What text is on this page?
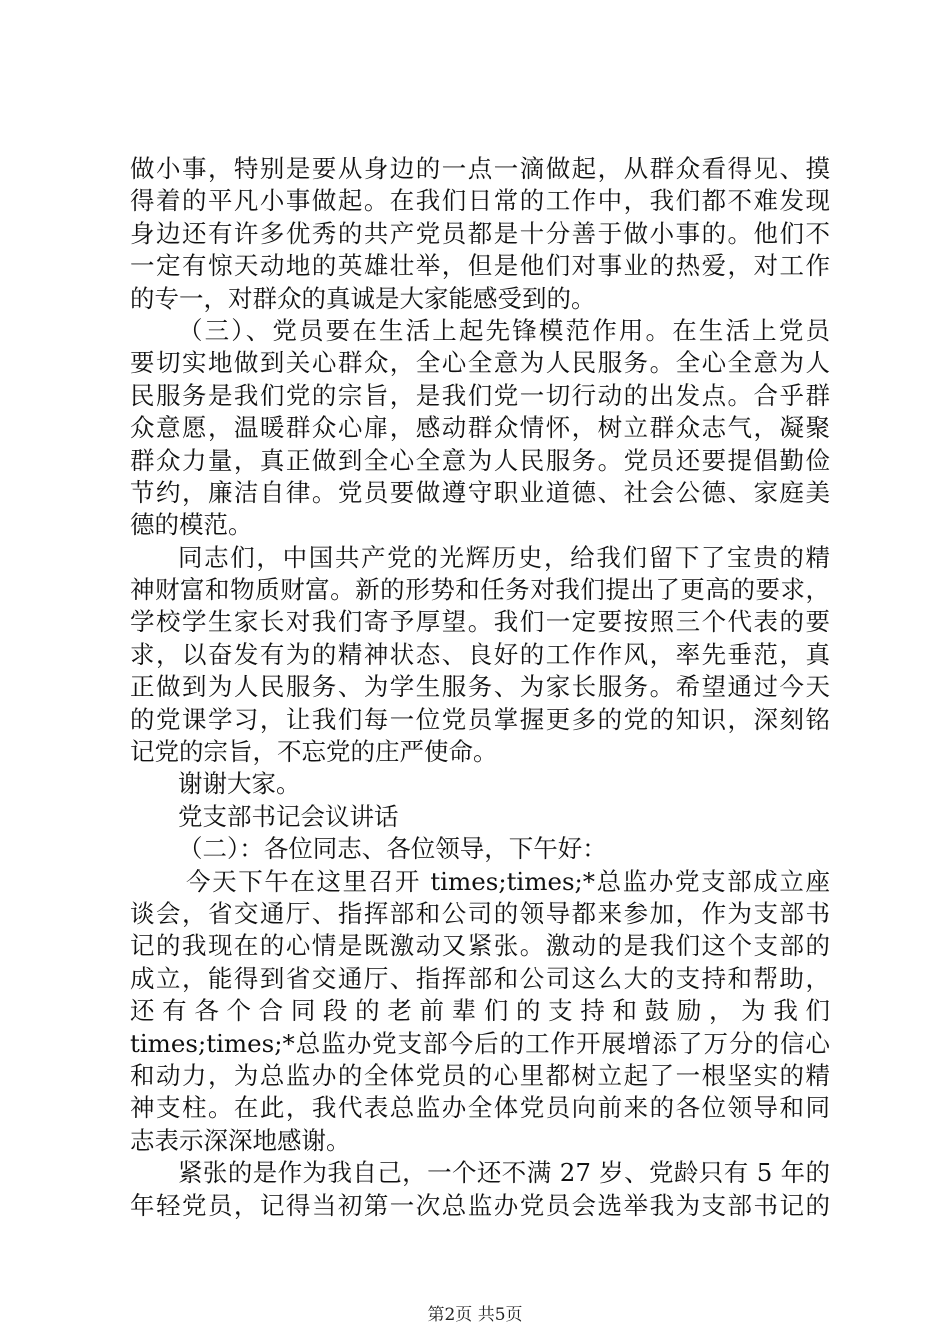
做小事，特别是要从身边的一点一滴做起，从群众看得见、摸
得着的平凡小事做起。在我们日常的工作中，我们都不难发现
身边还有许多优秀的共产党员都是十分善于做小事的。他们不
一定有惊天动地的英雄壮举，但是他们对事业的热爱，对工作
的专一，对群众的真诚是大家能感受到的。
（三）、党员要在生活上起先锋模范作用。在生活上党员
要切实地做到关心群众，全心全意为人民服务。全心全意为人
民服务是我们党的宗旨，是我们党一切行动的出发点。合乎群
众意愿，温暖群众心扉，感动群众情怀，树立群众志气，凝聚
群众力量，真正做到全心全意为人民服务。党员还要提倡勤俭
节约，廉洁自律。党员要做遵守职业道德、社会公德、家庭美
德的模范。
同志们，中国共产党的光辉历史，给我们留下了宝贵的精
神财富和物质财富。新的形势和任务对我们提出了更高的要求，
学校学生家长对我们寄予厚望。我们一定要按照三个代表的要
求，以奋发有为的精神状态、良好的工作作风，率先垂范，真
正做到为人民服务、为学生服务、为家长服务。希望通过今天
的党课学习，让我们每一位党员掌握更多的党的知识，深刻铭
记党的宗旨，不忘党的庄严使命。
谢谢大家。
党支部书记会议讲话
（二）：各位同志、各位领导，下午好：
今天下午在这里召开 times;times;*总监办党支部成立座
谈会，省交通厅、指挥部和公司的领导都来参加，作为支部书
记的我现在的心情是既激动又紧张。激动的是我们这个支部的
成立，能得到省交通厅、指挥部和公司这么大的支持和帮助，
还有各个合同段的老前辈们的支持和鼓励，为我们
times;times;*总监办党支部今后的工作开展增添了万分的信心
和动力，为总监办的全体党员的心里都树立起了一根坚实的精
神支柱。在此，我代表总监办全体党员向前来的各位领导和同
志表示深深地感谢。
紧张的是作为我自己，一个还不满 27 岁、党龄只有 5 年的
年轻党员，记得当初第一次总监办党员会选举我为支部书记的
第2页 共5页
